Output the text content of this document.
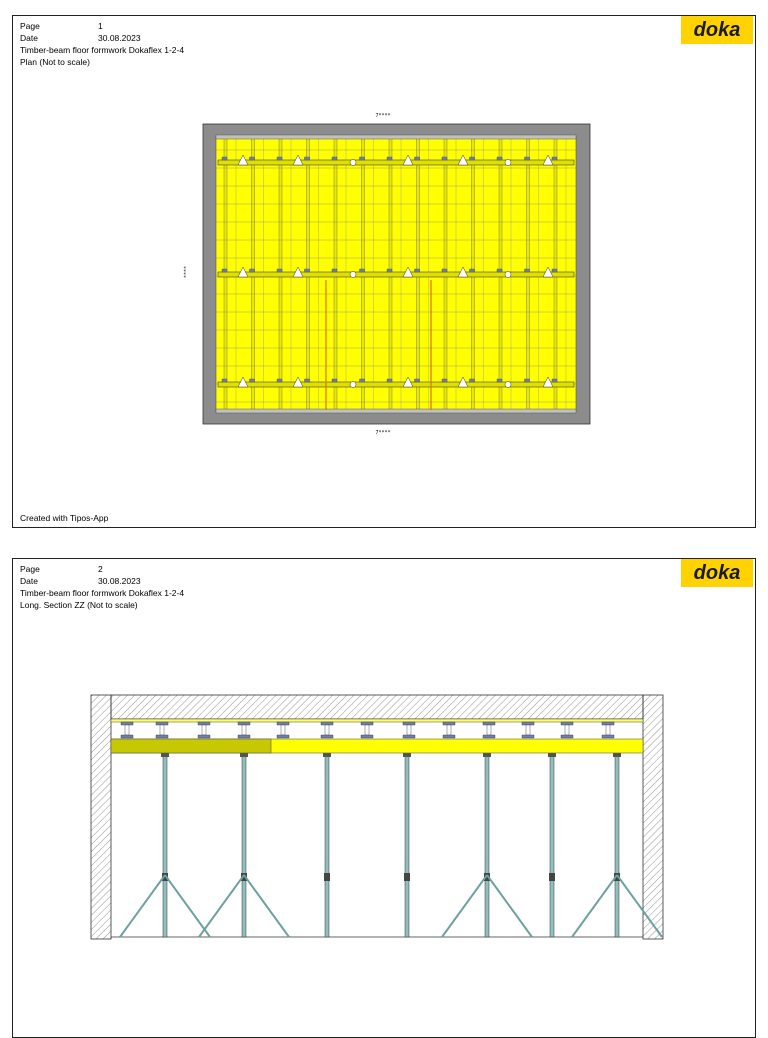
Page	1
Date	30.08.2023
Timber-beam floor formwork Dokaflex 1-2-4
Plan (Not to scale)
doka
7****
7****
****
Created with Tipos-App
Page	2
Date	30.08.2023
Timber-beam floor formwork Dokaflex 1-2-4
Long. Section ZZ (Not to scale)
doka
